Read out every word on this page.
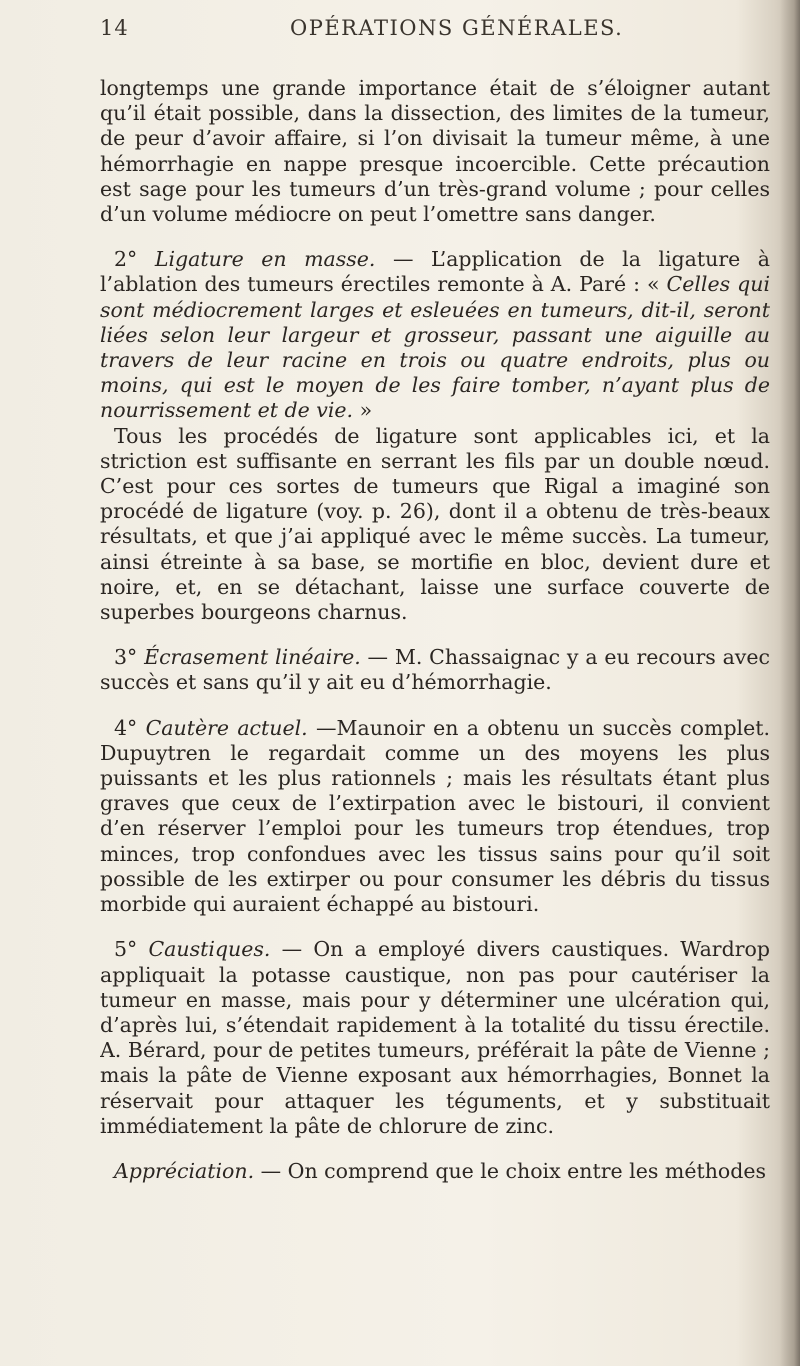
14	OPÉRATIONS GÉNÉRALES.

longtemps une grande importance était de s’éloigner autant qu’il était possible, dans la dissection, des limites de la tumeur, de peur d’avoir affaire, si l’on divisait la tumeur même, à une hémorrhagie en nappe presque incoercible. Cette précaution est sage pour les tumeurs d’un très-grand volume ; pour celles d’un volume médiocre on peut l’omettre sans danger.

2° Ligature en masse. — L’application de la ligature à l’ablation des tumeurs érectiles remonte à A. Paré : « Celles qui sont médiocrement larges et esleuées en tumeurs, dit-il, seront liées selon leur largeur et grosseur, passant une aiguille au travers de leur racine en trois ou quatre endroits, plus ou moins, qui est le moyen de les faire tomber, n’ayant plus de nourrissement et de vie. »

Tous les procédés de ligature sont applicables ici, et la striction est suffisante en serrant les fils par un double nœud. C’est pour ces sortes de tumeurs que Rigal a imaginé son procédé de ligature (voy. p. 26), dont il a obtenu de très-beaux résultats, et que j’ai appliqué avec le même succès. La tumeur, ainsi étreinte à sa base, se mortifie en bloc, devient dure et noire, et, en se détachant, laisse une surface couverte de superbes bourgeons charnus.

3° Écrasement linéaire. — M. Chassaignac y a eu recours avec succès et sans qu’il y ait eu d’hémorrhagie.

4° Cautère actuel. —Maunoir en a obtenu un succès complet. Dupuytren le regardait comme un des moyens les plus puissants et les plus rationnels ; mais les résultats étant plus graves que ceux de l’extirpation avec le bistouri, il convient d’en réserver l’emploi pour les tumeurs trop étendues, trop minces, trop confondues avec les tissus sains pour qu’il soit possible de les extirper ou pour consumer les débris du tissus morbide qui auraient échappé au bistouri.

5° Caustiques. — On a employé divers caustiques. Wardrop appliquait la potasse caustique, non pas pour cautériser la tumeur en masse, mais pour y déterminer une ulcération qui, d’après lui, s’étendait rapidement à la totalité du tissu érectile. A. Bérard, pour de petites tumeurs, préférait la pâte de Vienne ; mais la pâte de Vienne exposant aux hémorrhagies, Bonnet la réservait pour attaquer les téguments, et y substituait immédiatement la pâte de chlorure de zinc.

Appréciation. — On comprend que le choix entre les méthodes
